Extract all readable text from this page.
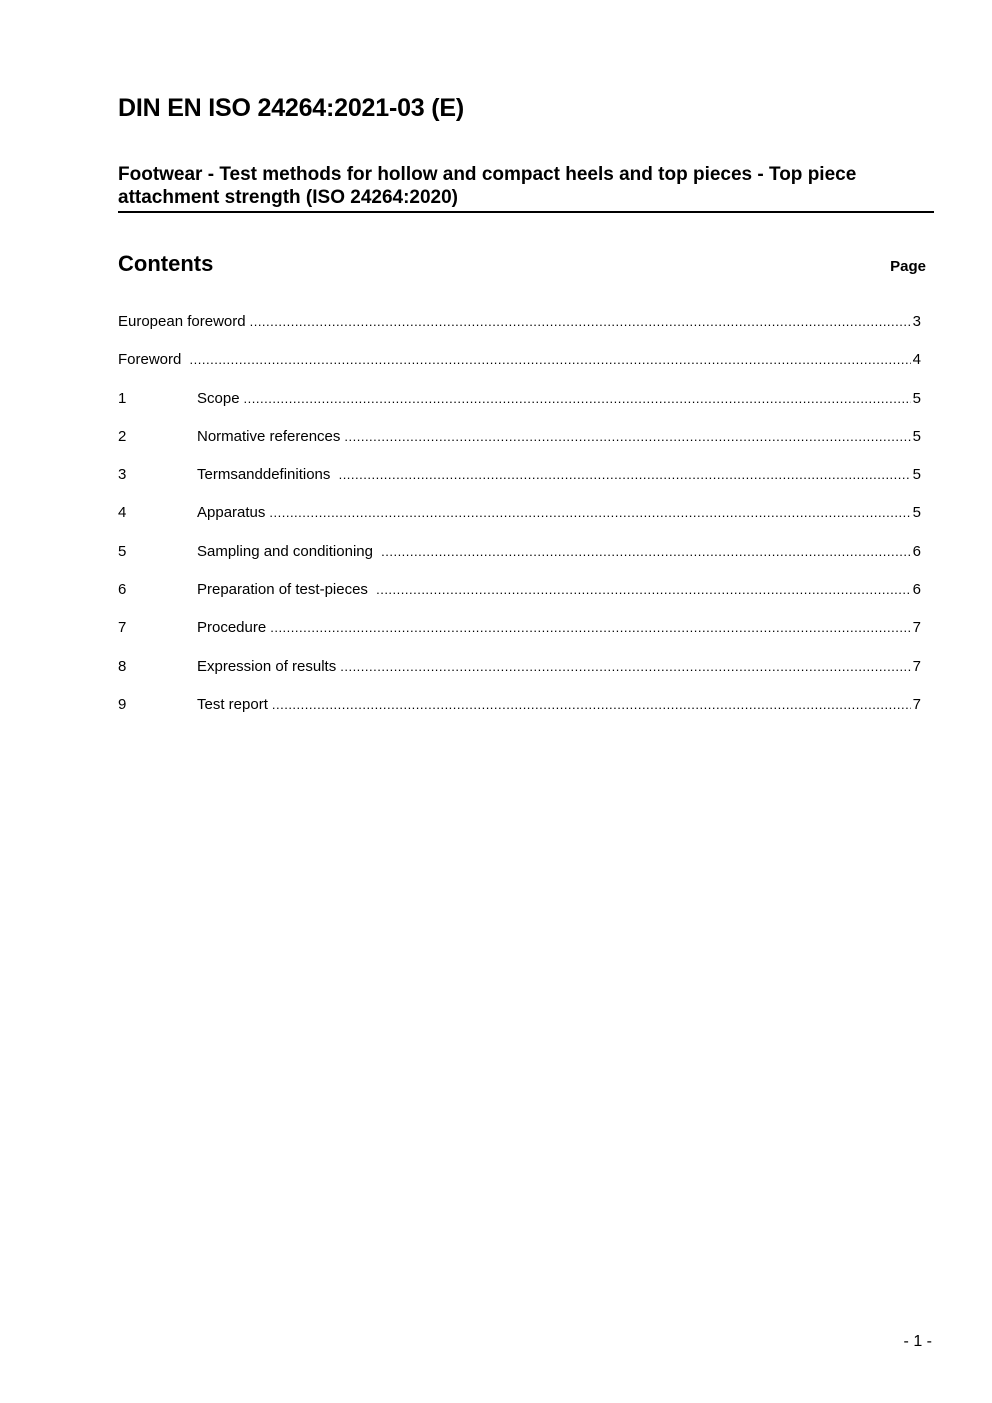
DIN EN ISO 24264:2021-03 (E)
Footwear - Test methods for hollow and compact heels and top pieces - Top piece attachment strength (ISO 24264:2020)
Contents	Page
European foreword .....	3
Foreword .....	4
1	Scope .....	5
2	Normative references .....	5
3	Termsanddefinitions .....	5
4	Apparatus .....	5
5	Sampling and conditioning .....	6
6	Preparation of test-pieces .....	6
7	Procedure .....	7
8	Expression of results .....	7
9	Test report .....	7
- 1 -
